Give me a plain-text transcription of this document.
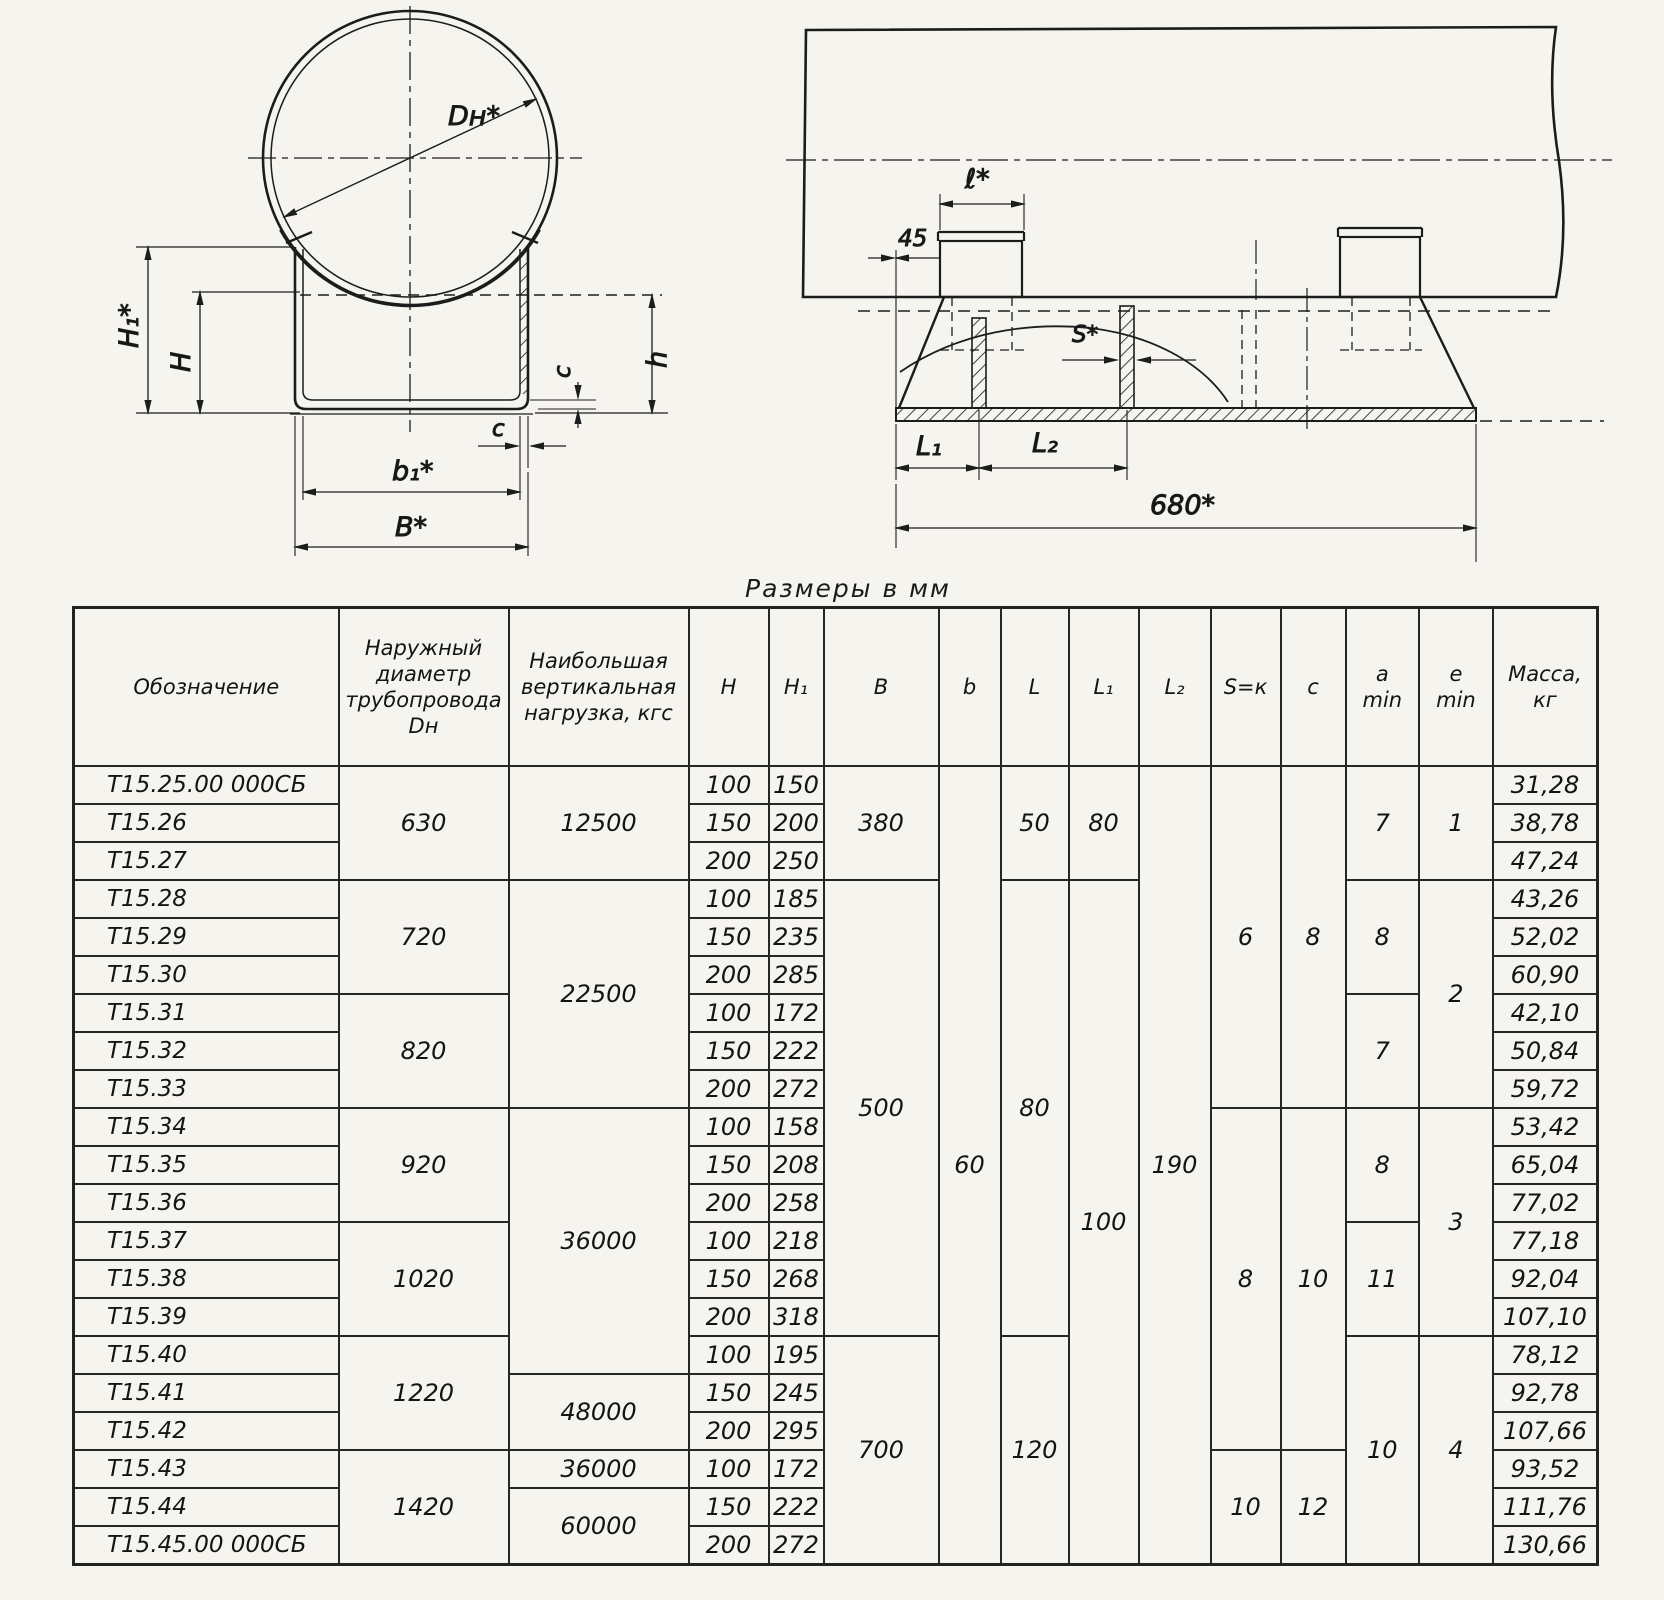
Dн*
H₁*
H	h
c
c
b₁*
B*
ℓ*
45
S*
L₁	L₂
680*
Размеры в мм
Обозначение	Наружный диаметр трубопровода Dн	Наибольшая вертикальная нагрузка, кгс	H	H₁	B	b	L	L₁	L₂	S=к	c	a min	e min	Масса, кг
Т15.25.00 000СБ	630	12500	100	150	380	60	50	80	190	6	8	7	1	31,28
Т15.26			150	200										38,78
Т15.27			200	250										47,24
Т15.28	720	22500	100	185	500		80	100				8	2	43,26
Т15.29			150	235										52,02
Т15.30			200	285										60,90
Т15.31	820		100	172								7		42,10
Т15.32			150	222										50,84
Т15.33			200	272										59,72
Т15.34	920	36000	100	158						8	10	8	3	53,42
Т15.35			150	208										65,04
Т15.36			200	258										77,02
Т15.37	1020		100	218								11		77,18
Т15.38			150	268										92,04
Т15.39			200	318										107,10
Т15.40	1220		100	195	700		120					10	4	78,12
Т15.41		48000	150	245										92,78
Т15.42			200	295										107,66
Т15.43	1420	36000	100	172						10	12			93,52
Т15.44		60000	150	222										111,76
Т15.45.00 000СБ			200	272										130,66
